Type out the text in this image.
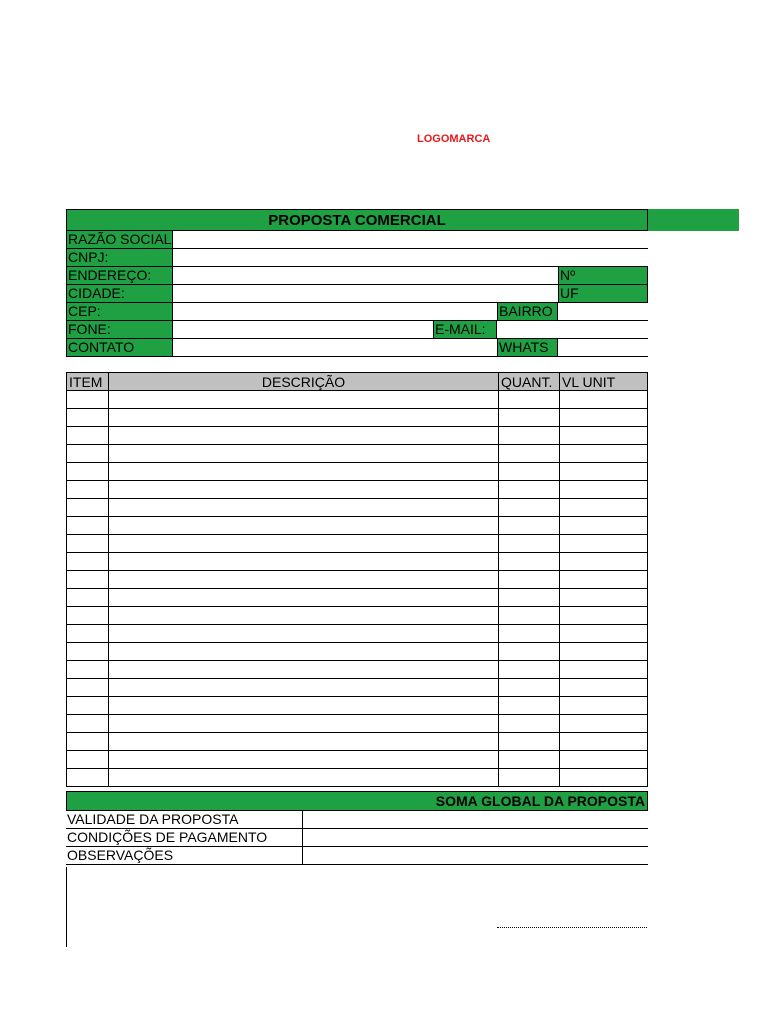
LOGOMARCA
PROPOSTA COMERCIAL
RAZÃO SOCIAL
CNPJ:
ENDEREÇO:	Nº
CIDADE:	UF
CEP:	BAIRRO
FONE:	E-MAIL:
CONTATO	WHATS
ITEM	DESCRIÇÃO	QUANT.	VL UNIT

SOMA GLOBAL DA PROPOSTA
VALIDADE DA PROPOSTA
CONDIÇÕES DE PAGAMENTO
OBSERVAÇÕES
